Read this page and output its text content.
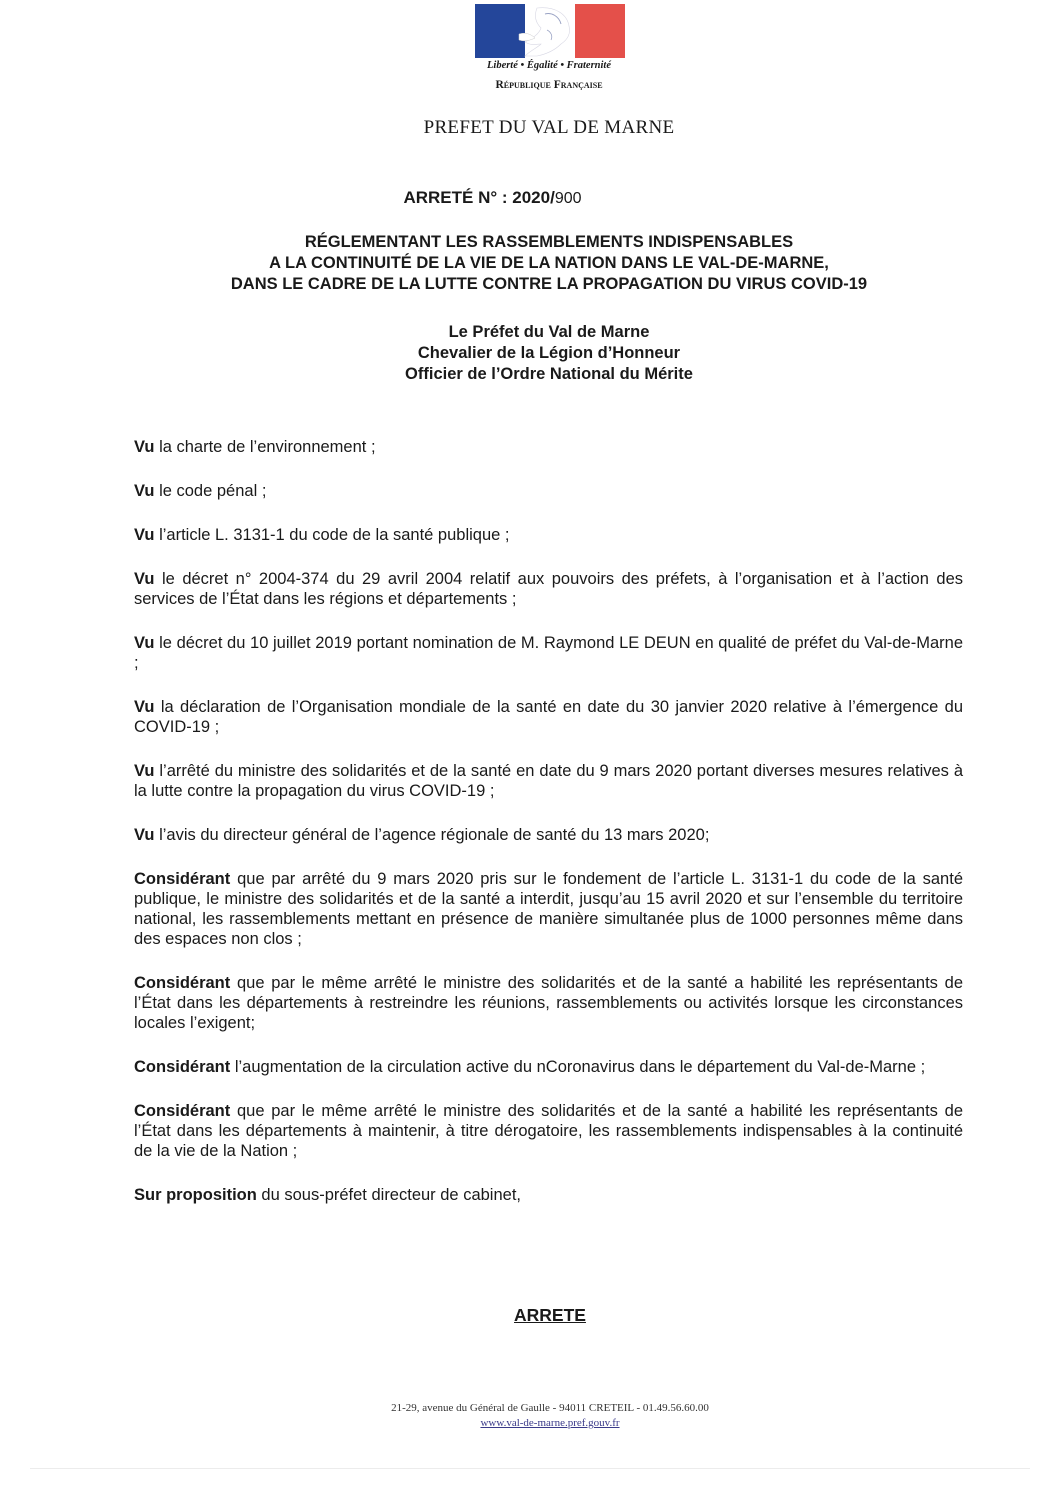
Liberté • Égalité • Fraternité
République Française
PREFET DU VAL DE MARNE
ARRETÉ N° : 2020/900
RÉGLEMENTANT LES RASSEMBLEMENTS INDISPENSABLES
A LA CONTINUITÉ DE LA VIE DE LA NATION DANS LE VAL-DE-MARNE,
DANS LE CADRE DE LA LUTTE CONTRE LA PROPAGATION DU VIRUS COVID-19
Le Préfet du Val de Marne
Chevalier de la Légion d’Honneur
Officier de l’Ordre National du Mérite

Vu la charte de l’environnement ;

Vu le code pénal ;

Vu l’article L. 3131-1 du code de la santé publique ;

Vu le décret n° 2004-374 du 29 avril 2004 relatif aux pouvoirs des préfets, à l’organisation et à l’action des services de l’État dans les régions et départements ;

Vu le décret du 10 juillet 2019 portant nomination de M. Raymond LE DEUN en qualité de préfet du Val-de-Marne ;

Vu la déclaration de l’Organisation mondiale de la santé en date du 30 janvier 2020 relative à l’émergence du COVID-19 ;

Vu l’arrêté du ministre des solidarités et de la santé en date du 9 mars 2020 portant diverses mesures relatives à la lutte contre la propagation du virus COVID-19 ;

Vu l’avis du directeur général de l’agence régionale de santé du 13 mars 2020;

Considérant que par arrêté du 9 mars 2020 pris sur le fondement de l’article L. 3131-1 du code de la santé publique, le ministre des solidarités et de la santé a interdit, jusqu’au 15 avril 2020 et sur l’ensemble du territoire national, les rassemblements mettant en présence de manière simultanée plus de 1000 personnes même dans des espaces non clos ;

Considérant que par le même arrêté le ministre des solidarités et de la santé a habilité les représentants de l’État dans les départements à restreindre les réunions, rassemblements ou activités lorsque les circonstances locales l’exigent;

Considérant l’augmentation de la circulation active du nCoronavirus dans le département du Val-de-Marne ;

Considérant que par le même arrêté le ministre des solidarités et de la santé a habilité les représentants de l’État dans les départements à maintenir, à titre dérogatoire, les rassemblements indispensables à la continuité de la vie de la Nation ;

Sur proposition du sous-préfet directeur de cabinet,

ARRETE
21-29, avenue du Général de Gaulle - 94011 CRETEIL - 01.49.56.60.00
www.val-de-marne.pref.gouv.fr
